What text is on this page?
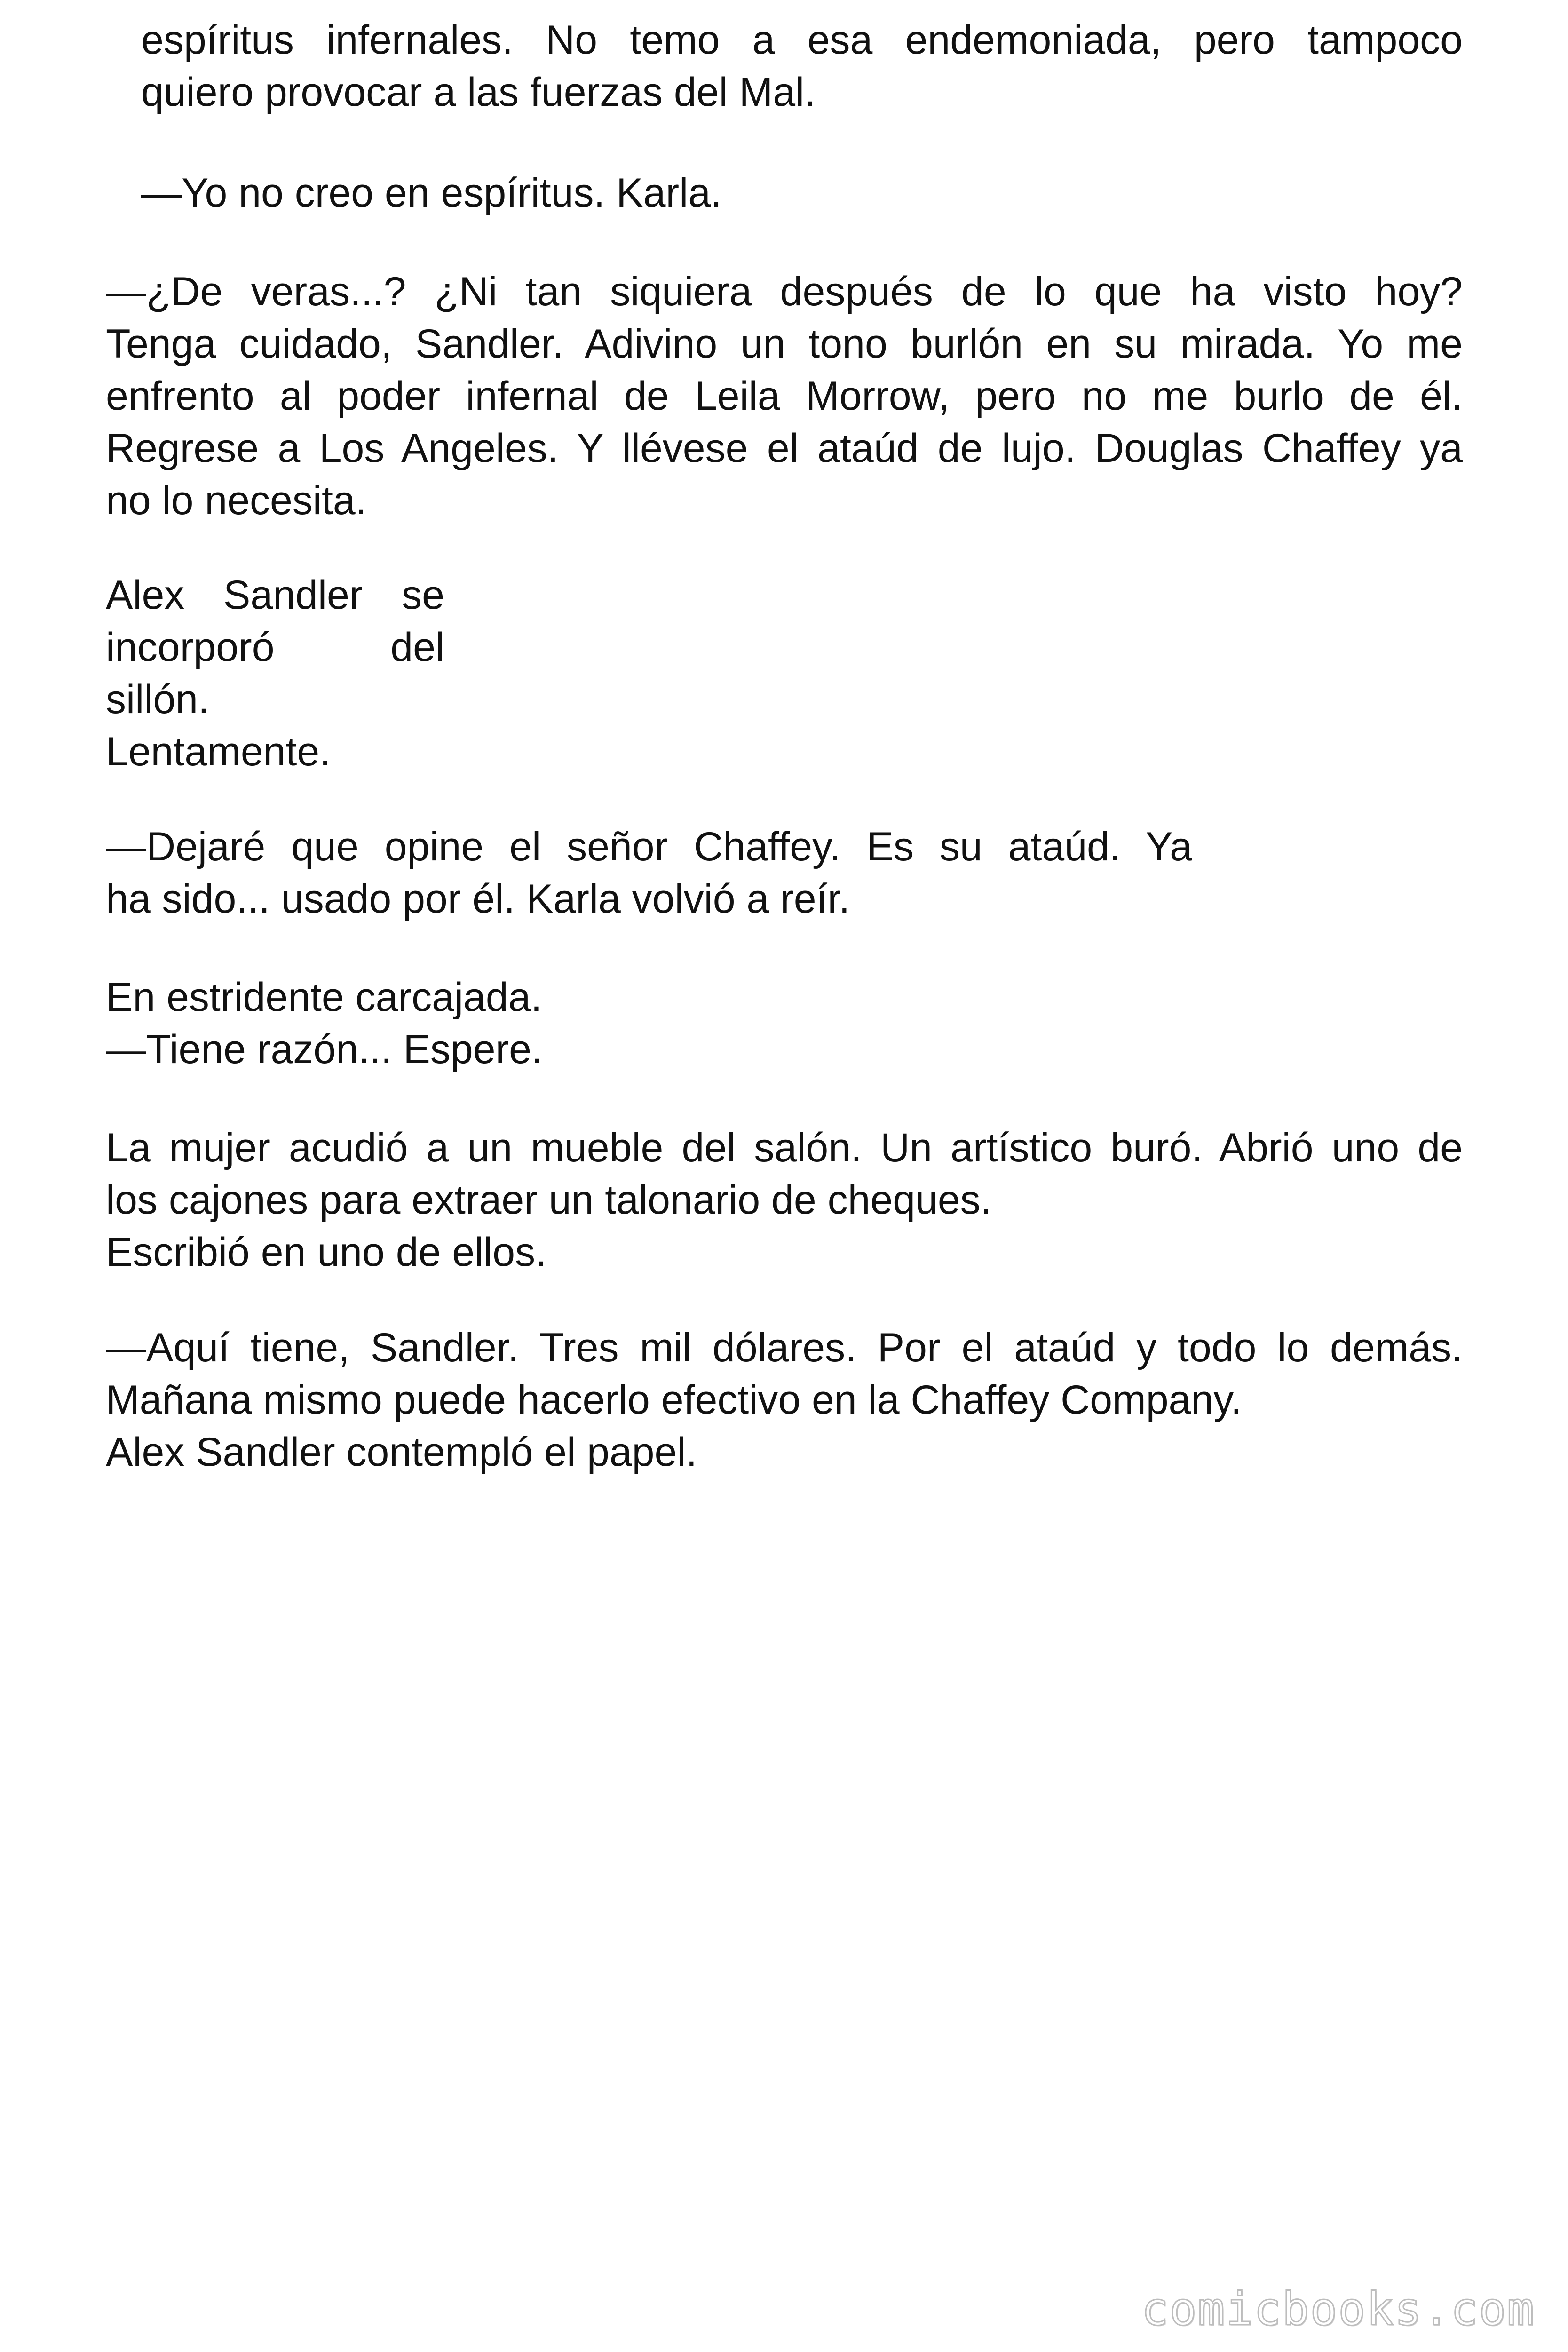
espíritus infernales. No temo a esa endemoniada, pero tampoco
quiero provocar a las fuerzas del Mal.

—Yo no creo en espíritus. Karla.

—¿De veras...? ¿Ni tan siquiera después de lo que ha visto hoy?
Tenga cuidado, Sandler. Adivino un tono burlón en su mirada. Yo me
enfrento al poder infernal de Leila Morrow, pero no me burlo de él.
Regrese a Los Angeles. Y llévese el ataúd de lujo. Douglas Chaffey ya
no lo necesita.

Alex Sandler se
incorporó del
sillón.
Lentamente.

—Dejaré que opine el señor Chaffey. Es su ataúd. Ya
ha sido... usado por él. Karla volvió a reír.

En estridente carcajada.
—Tiene razón... Espere.

La mujer acudió a un mueble del salón. Un artístico buró. Abrió uno de
los cajones para extraer un talonario de cheques.
Escribió en uno de ellos.

—Aquí tiene, Sandler. Tres mil dólares. Por el ataúd y todo lo demás.
Mañana mismo puede hacerlo efectivo en la Chaffey Company.
Alex Sandler contempló el papel.

comicbooks.com
